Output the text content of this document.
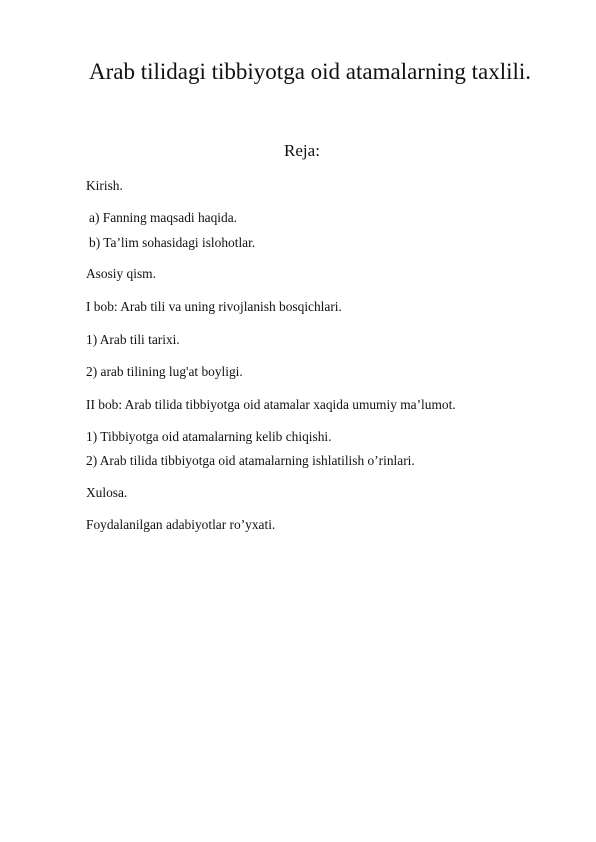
Arab tilidagi tibbiyotga oid atamalarning taxlili.
Reja:
Kirish.
a) Fanning maqsadi haqida.
b) Ta’lim sohasidagi islohotlar.
Asosiy qism.
I bob: Arab tili va uning rivojlanish bosqichlari.
1) Arab tili tarixi.
2) arab tilining lug'at boyligi.
II bob: Arab tilida tibbiyotga oid atamalar xaqida umumiy ma’lumot.
1) Tibbiyotga oid atamalarning kelib chiqishi.
2) Arab tilida tibbiyotga oid atamalarning ishlatilish o’rinlari.
Xulosa.
Foydalanilgan adabiyotlar ro’yxati.
